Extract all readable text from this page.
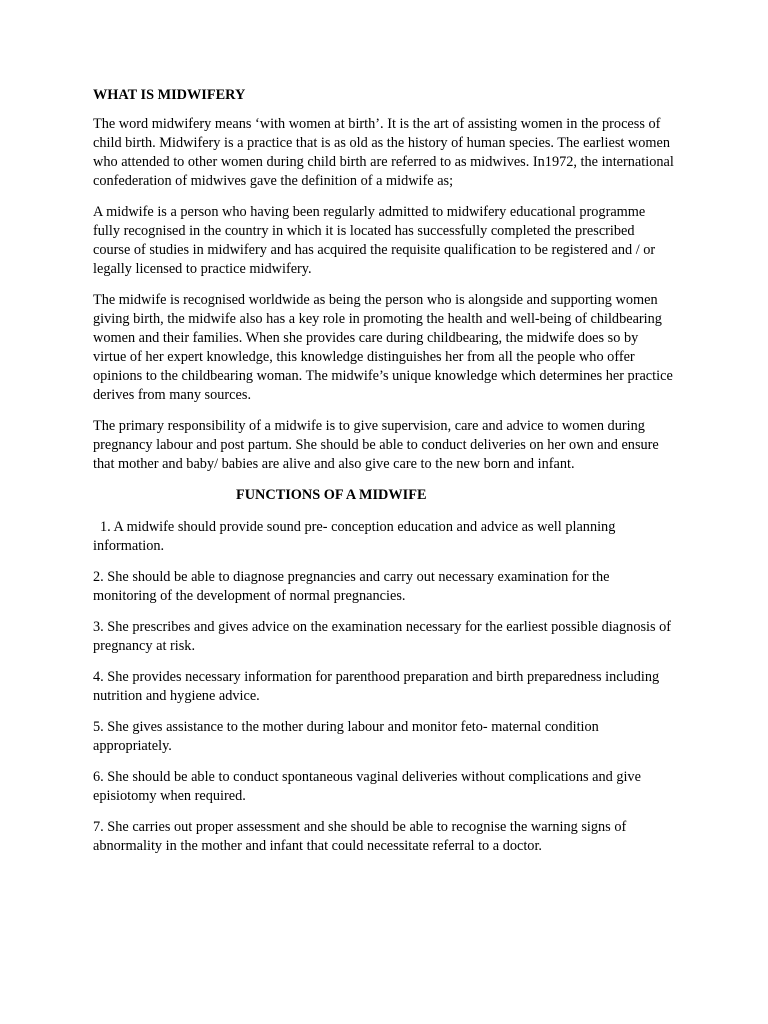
WHAT IS MIDWIFERY

The word midwifery means ‘with women at birth’. It is the art of assisting women in the process of child birth. Midwifery is a practice that is as old as the history of human species. The earliest women who attended to other women during child birth are referred to as midwives. In1972, the international confederation of midwives gave the definition of a midwife as;

A midwife is a person who having been regularly admitted to midwifery educational programme fully recognised in the country in which it is located has successfully completed the prescribed course of studies in midwifery and has acquired the requisite qualification to be registered and / or legally licensed to practice midwifery.

The midwife is recognised worldwide as being the person who is alongside and supporting women giving birth, the midwife also has a key role in promoting the health and well-being of childbearing women and their families. When she provides care during childbearing, the midwife does so by virtue of her expert knowledge, this knowledge distinguishes her from all the people who offer opinions to the childbearing woman. The midwife’s unique knowledge which determines her practice derives from many sources.

The primary responsibility of a midwife is to give supervision, care and advice to women during pregnancy labour and post partum. She should be able to conduct deliveries on her own and ensure that mother and baby/ babies are alive and also give care to the new born and infant.

FUNCTIONS OF A MIDWIFE

1. A midwife should provide sound pre- conception education and advice as well planning information.

2. She should be able to diagnose pregnancies and carry out necessary examination for the monitoring of the development of normal pregnancies.

3. She prescribes and gives advice on the examination necessary for the earliest possible diagnosis of pregnancy at risk.

4. She provides necessary information for parenthood preparation and birth preparedness including nutrition and hygiene advice.

5. She gives assistance to the mother during labour and monitor feto- maternal condition appropriately.

6. She should be able to conduct spontaneous vaginal deliveries without complications and give episiotomy when required.

7. She carries out proper assessment and she should be able to recognise the warning signs of abnormality in the mother and infant that could necessitate referral to a doctor.
